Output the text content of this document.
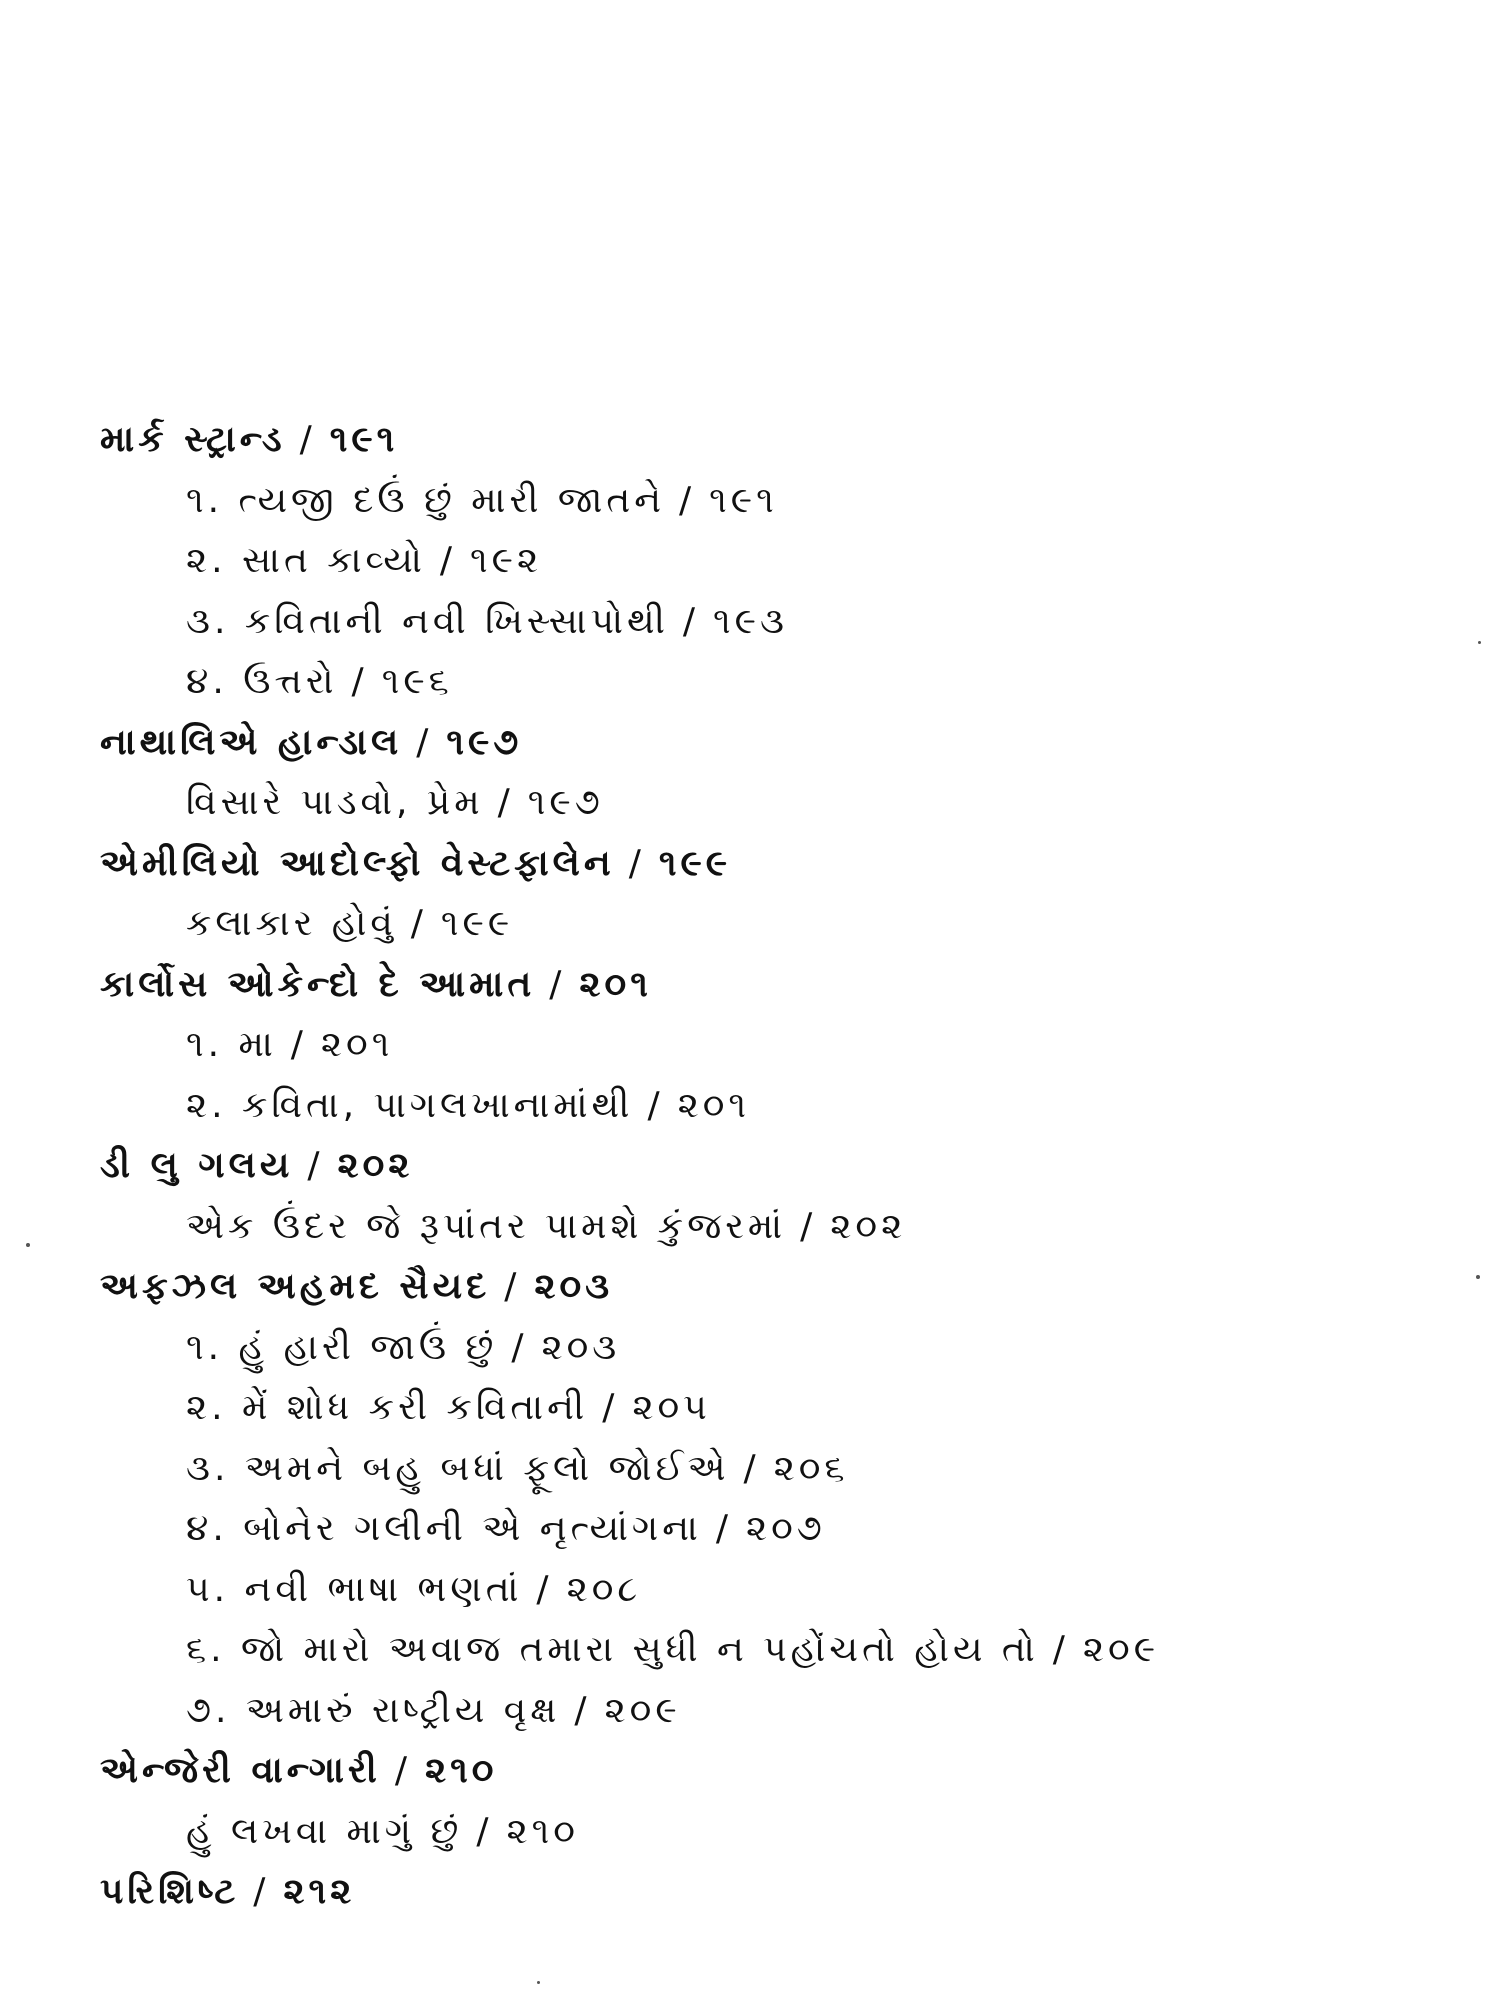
માર્ક સ્ટ્રાન્ડ / ૧૯૧
૧. ત્યજી દઉં છું મારી જાતને / ૧૯૧
૨. સાત કાવ્યો / ૧૯૨
૩. કવિતાની નવી ખિસ્સાપોથી / ૧૯૩
૪. ઉત્તરો / ૧૯૬
નાથાલિએ હાન્ડાલ / ૧૯૭
વિસારે પાડવો, પ્રેમ / ૧૯૭
એમીલિયો આદોલ્ફો વેસ્ટફાલેન / ૧૯૯
કલાકાર હોવું / ૧૯૯
કાર્લોસ ઓકેન્દો દે આમાત / ૨૦૧
૧. મા / ૨૦૧
૨. કવિતા, પાગલખાનામાંથી / ૨૦૧
ડી લુ ગલય / ૨૦૨
એક ઉંદર જે રૂપાંતર પામશે કુંજરમાં / ૨૦૨
અફઝલ અહમદ સૈયદ / ૨૦૩
૧. હું હારી જાઉં છું / ૨૦૩
૨. મેં શોધ કરી કવિતાની / ૨૦૫
૩. અમને બહુ બધાં ફૂલો જોઈએ / ૨૦૬
૪. બોનેર ગલીની એ નૃત્યાંગના / ૨૦૭
૫. નવી ભાષા ભણતાં / ૨૦૮
૬. જો મારો અવાજ તમારા સુધી ન પહોંચતો હોય તો / ૨૦૯
૭. અમારું રાષ્ટ્રીય વૃક્ષ / ૨૦૯
એન્જેરી વાન્ગારી / ૨૧૦
હું લખવા માગું છું / ૨૧૦
પરિશિષ્ટ / ૨૧૨
